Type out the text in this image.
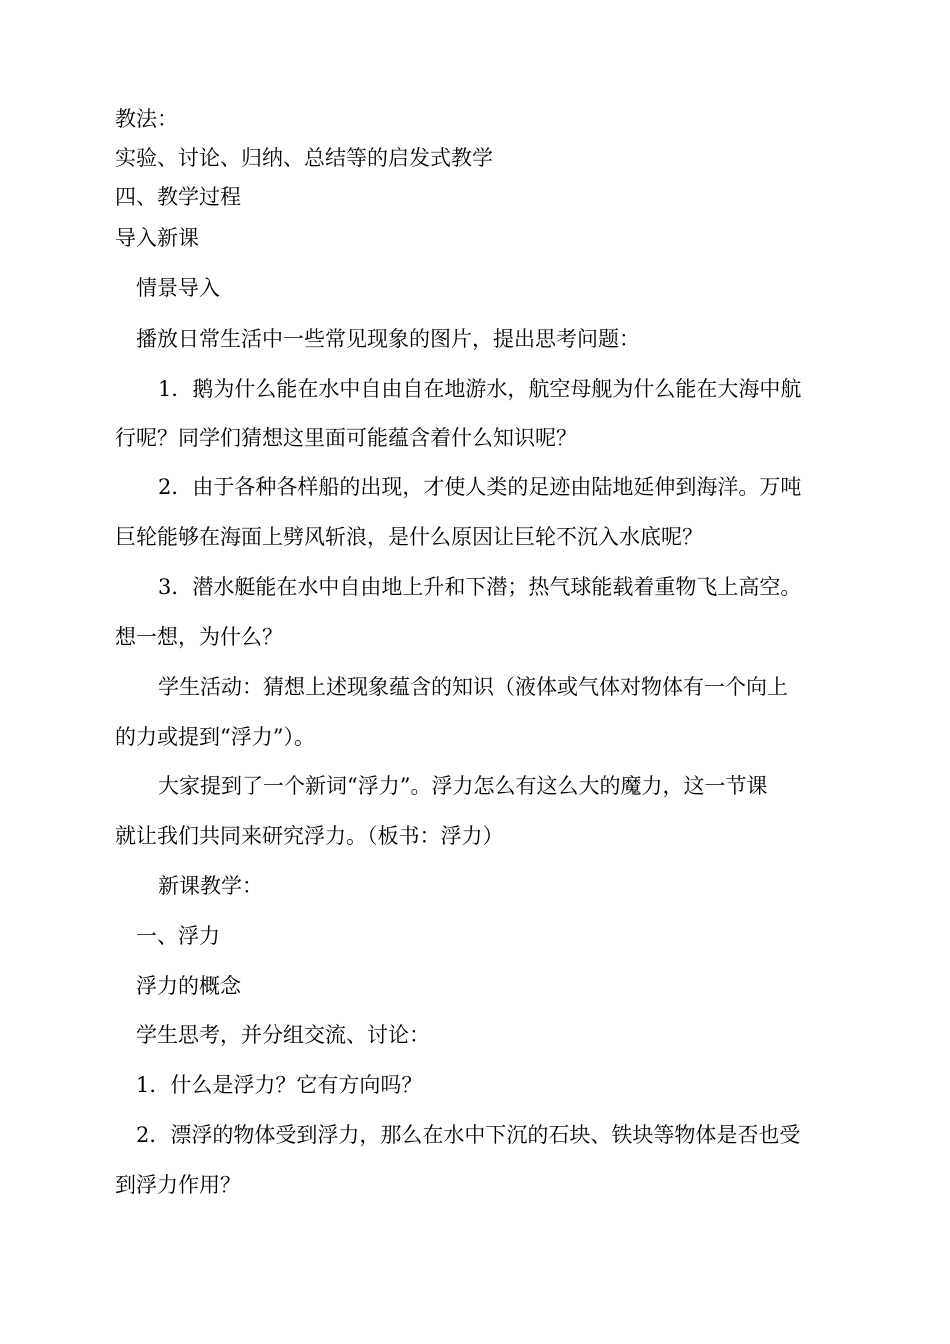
教法：
实验、讨论、归纳、总结等的启发式教学
四、教学过程
导入新课
情景导入
播放日常生活中一些常见现象的图片，提出思考问题：
1．鹅为什么能在水中自由自在地游水，航空母舰为什么能在大海中航
行呢？同学们猜想这里面可能蕴含着什么知识呢？
2．由于各种各样船的出现，才使人类的足迹由陆地延伸到海洋。万吨
巨轮能够在海面上劈风斩浪，是什么原因让巨轮不沉入水底呢？
3．潜水艇能在水中自由地上升和下潜；热气球能载着重物飞上高空。
想一想，为什么？
学生活动：猜想上述现象蕴含的知识（液体或气体对物体有一个向上
的力或提到“浮力”）。
大家提到了一个新词“浮力”。浮力怎么有这么大的魔力，这一节课
就让我们共同来研究浮力。（板书：浮力）
新课教学：
一、浮力
浮力的概念
学生思考，并分组交流、讨论：
1．什么是浮力？它有方向吗？
2．漂浮的物体受到浮力，那么在水中下沉的石块、铁块等物体是否也受
到浮力作用？
